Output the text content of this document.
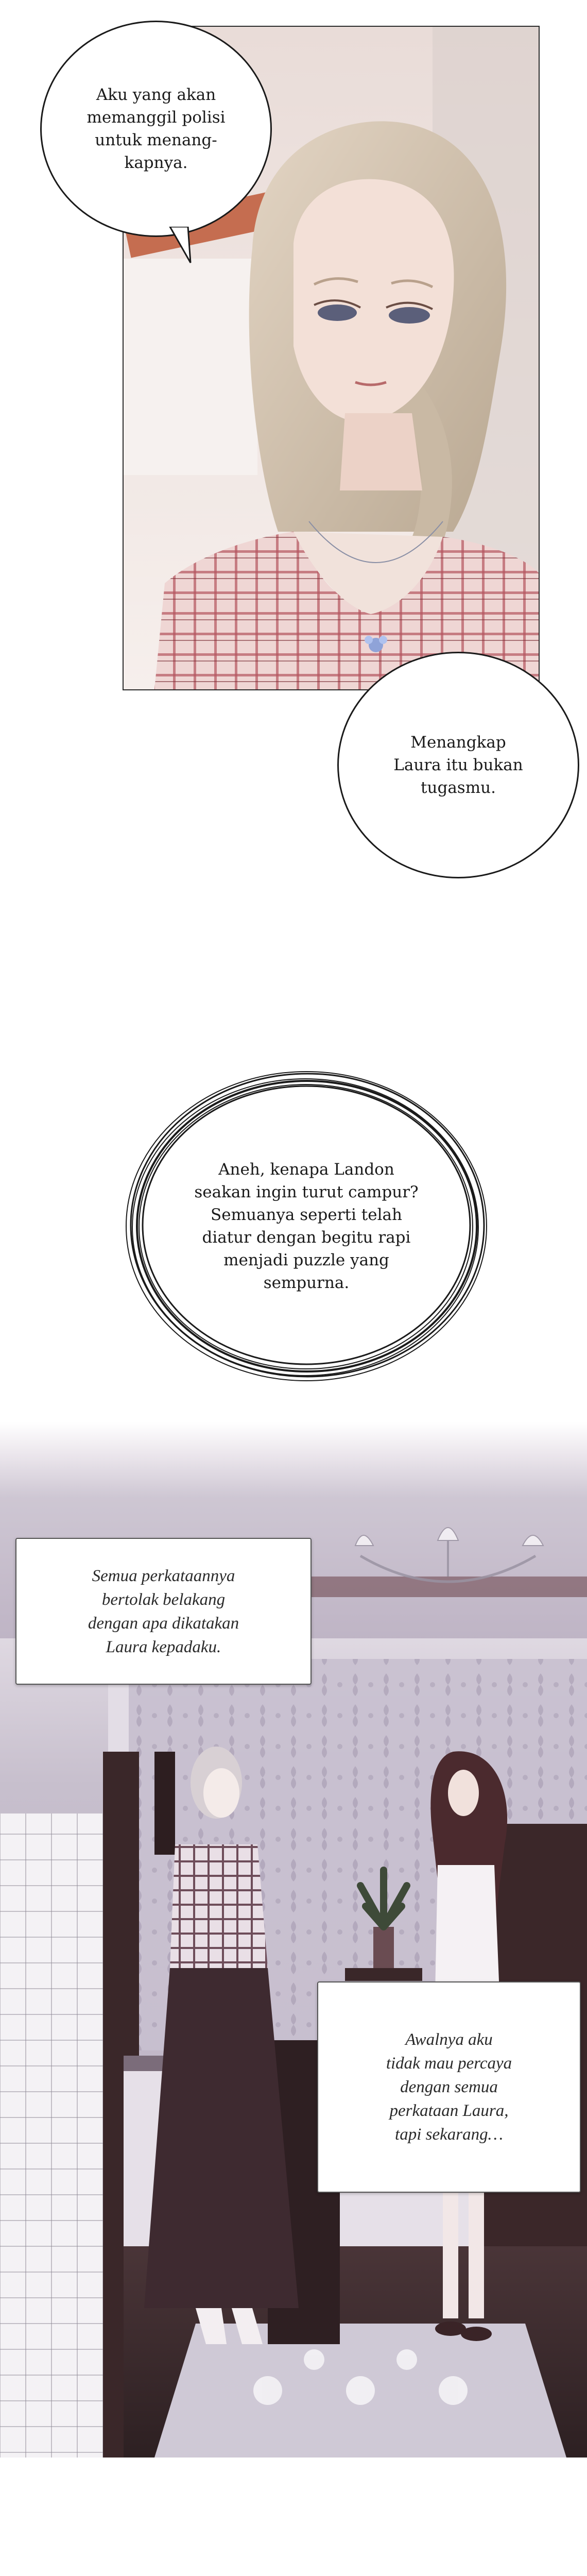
Aku yang akan
memanggil polisi
untuk menang-
kapnya.
Menangkap
Laura itu bukan
tugasmu.
Aneh, kenapa Landon
seakan ingin turut campur?
Semuanya seperti telah
diatur dengan begitu rapi
menjadi puzzle yang
sempurna.
Semua perkataannya
bertolak belakang
dengan apa dikatakan
Laura kepadaku.
Awalnya aku
tidak mau percaya
dengan semua
perkataan Laura,
tapi sekarang…
